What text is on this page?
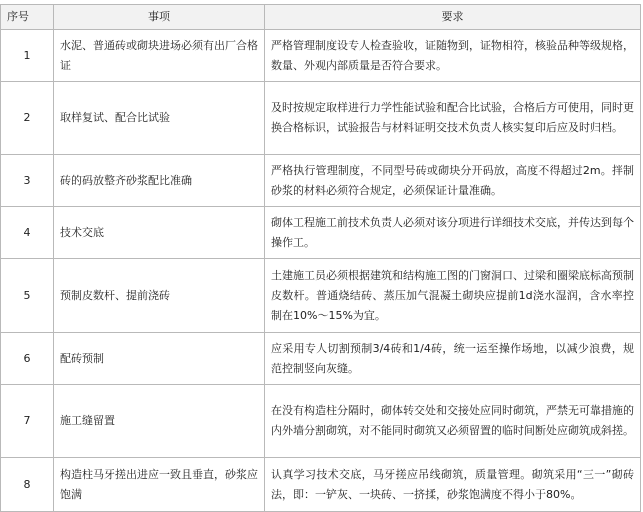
序号	事项	要求
1	水泥、普通砖或砌块进场必须有出厂合格证	严格管理制度设专人检查验收，证随物到，证物相符，核验品种等级规格，数量、外观内部质量是否符合要求。
2	取样复试、配合比试验	及时按规定取样进行力学性能试验和配合比试验，合格后方可使用，同时更换合格标识，试验报告与材料证明交技术负责人核实复印后应及时归档。
3	砖的码放整齐砂浆配比准确	严格执行管理制度，不同型号砖或砌块分开码放，高度不得超过2m。拌制砂浆的材料必须符合规定，必须保证计量准确。
4	技术交底	砌体工程施工前技术负责人必须对该分项进行详细技术交底，并传达到每个操作工。
5	预制皮数杆、提前浇砖	土建施工员必须根据建筑和结构施工图的门窗洞口、过梁和圈梁底标高预制皮数杆。普通烧结砖、蒸压加气混凝土砌块应提前1d浇水湿润，含水率控制在10%～15%为宜。
6	配砖预制	应采用专人切割预制3/4砖和1/4砖，统一运至操作场地，以减少浪费，规范控制竖向灰缝。
7	施工缝留置	在没有构造柱分隔时，砌体转交处和交接处应同时砌筑，严禁无可靠措施的内外墙分割砌筑，对不能同时砌筑又必须留置的临时间断处应砌筑成斜搓。
8	构造柱马牙搓出进应一致且垂直，砂浆应饱满	认真学习技术交底，马牙搓应吊线砌筑，质量管理。砌筑采用“三一”砌砖法，即：一铲灰、一块砖、一挤揉，砂浆饱满度不得小于80%。
